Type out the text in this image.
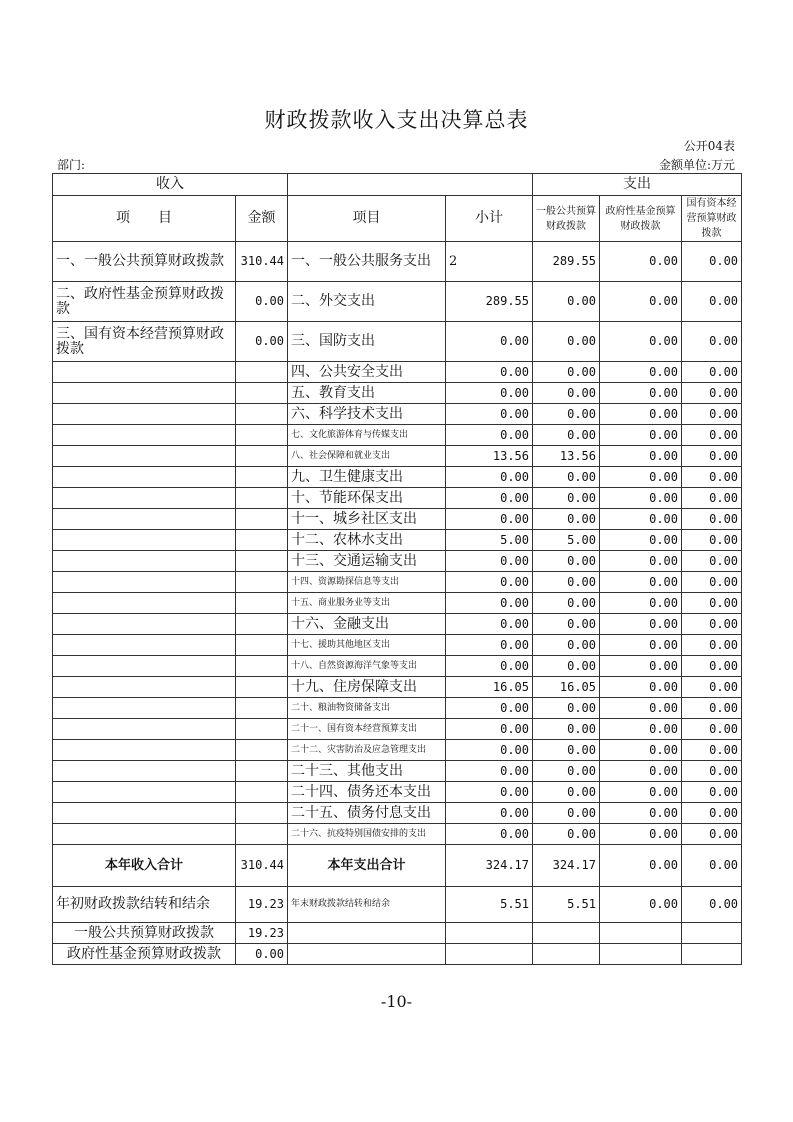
财政拨款收入支出决算总表
公开04表
部门:	金额单位:万元
收入				支出		
项　　目	金额	项目	小计	一般公共预算财政拨款	政府性基金预算财政拨款	国有资本经营预算财政拨款
一、一般公共预算财政拨款	310.44	一、一般公共服务支出	2	289.55	0.00	0.00
二、政府性基金预算财政拨款	0.00	二、外交支出	289.55	0.00	0.00	0.00
三、国有资本经营预算财政拨款	0.00	三、国防支出	0.00	0.00	0.00	0.00
		四、公共安全支出	0.00	0.00	0.00	0.00
		五、教育支出	0.00	0.00	0.00	0.00
		六、科学技术支出	0.00	0.00	0.00	0.00
		七、文化旅游体育与传媒支出	0.00	0.00	0.00	0.00
		八、社会保障和就业支出	13.56	13.56	0.00	0.00
		九、卫生健康支出	0.00	0.00	0.00	0.00
		十、节能环保支出	0.00	0.00	0.00	0.00
		十一、城乡社区支出	0.00	0.00	0.00	0.00
		十二、农林水支出	5.00	5.00	0.00	0.00
		十三、交通运输支出	0.00	0.00	0.00	0.00
		十四、资源勘探信息等支出	0.00	0.00	0.00	0.00
		十五、商业服务业等支出	0.00	0.00	0.00	0.00
		十六、金融支出	0.00	0.00	0.00	0.00
		十七、援助其他地区支出	0.00	0.00	0.00	0.00
		十八、自然资源海洋气象等支出	0.00	0.00	0.00	0.00
		十九、住房保障支出	16.05	16.05	0.00	0.00
		二十、粮油物资储备支出	0.00	0.00	0.00	0.00
		二十一、国有资本经营预算支出	0.00	0.00	0.00	0.00
		二十二、灾害防治及应急管理支出	0.00	0.00	0.00	0.00
		二十三、其他支出	0.00	0.00	0.00	0.00
		二十四、债务还本支出	0.00	0.00	0.00	0.00
		二十五、债务付息支出	0.00	0.00	0.00	0.00
		二十六、抗疫特别国债安排的支出	0.00	0.00	0.00	0.00
本年收入合计	310.44	本年支出合计	324.17	324.17	0.00	0.00
年初财政拨款结转和结余	19.23	年末财政拨款结转和结余	5.51	5.51	0.00	0.00
一般公共预算财政拨款	19.23					
政府性基金预算财政拨款	0.00					
-10-
